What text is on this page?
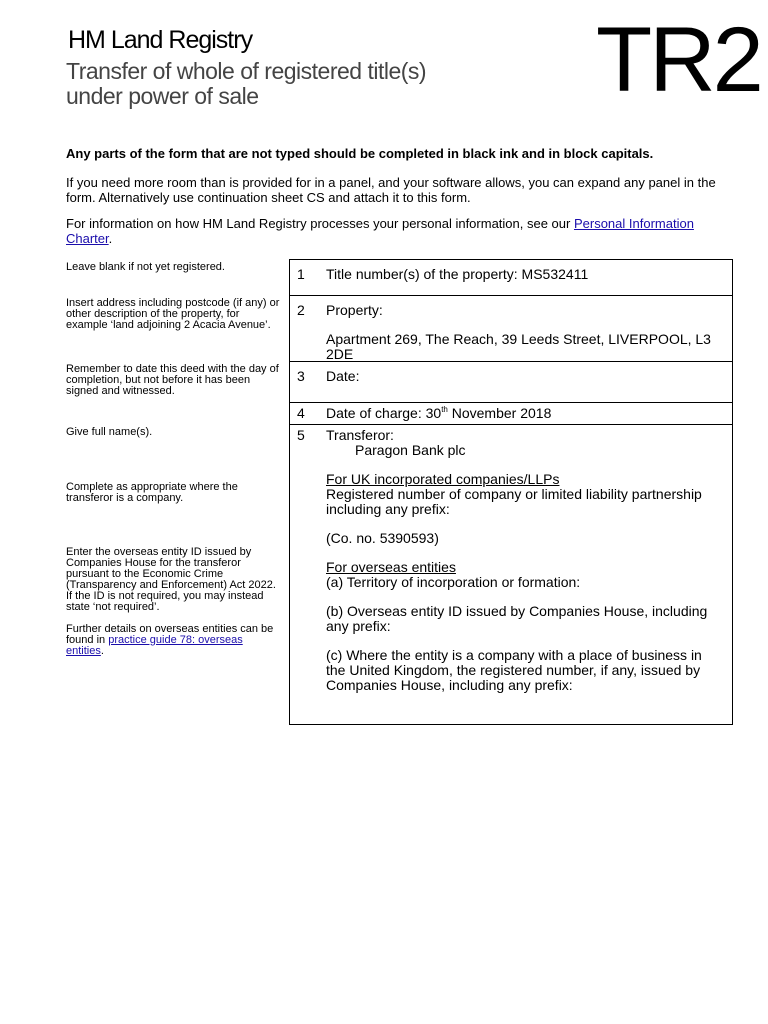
HM Land Registry
Transfer of whole of registered title(s)
under power of sale	TR2
Any parts of the form that are not typed should be completed in black ink and in block capitals.
If you need more room than is provided for in a panel, and your software allows, you can expand any panel in the form. Alternatively use continuation sheet CS and attach it to this form.
For information on how HM Land Registry processes your personal information, see our Personal Information Charter.
Leave blank if not yet registered.
Insert address including postcode (if any) or other description of the property, for example ‘land adjoining 2 Acacia Avenue’.
Remember to date this deed with the day of completion, but not before it has been signed and witnessed.
Give full name(s).
Complete as appropriate where the transferor is a company.
Enter the overseas entity ID issued by Companies House for the transferor pursuant to the Economic Crime (Transparency and Enforcement) Act 2022. If the ID is not required, you may instead state ‘not required’.
Further details on overseas entities can be found in practice guide 78: overseas entities.
1 Title number(s) of the property: MS532411
2 Property:
Apartment 269, The Reach, 39 Leeds Street, LIVERPOOL, L3 2DE
3 Date:
4 Date of charge: 30th November 2018
5 Transferor:
Paragon Bank plc
For UK incorporated companies/LLPs
Registered number of company or limited liability partnership including any prefix:
(Co. no. 5390593)
For overseas entities
(a) Territory of incorporation or formation:
(b) Overseas entity ID issued by Companies House, including any prefix:
(c) Where the entity is a company with a place of business in the United Kingdom, the registered number, if any, issued by Companies House, including any prefix:
